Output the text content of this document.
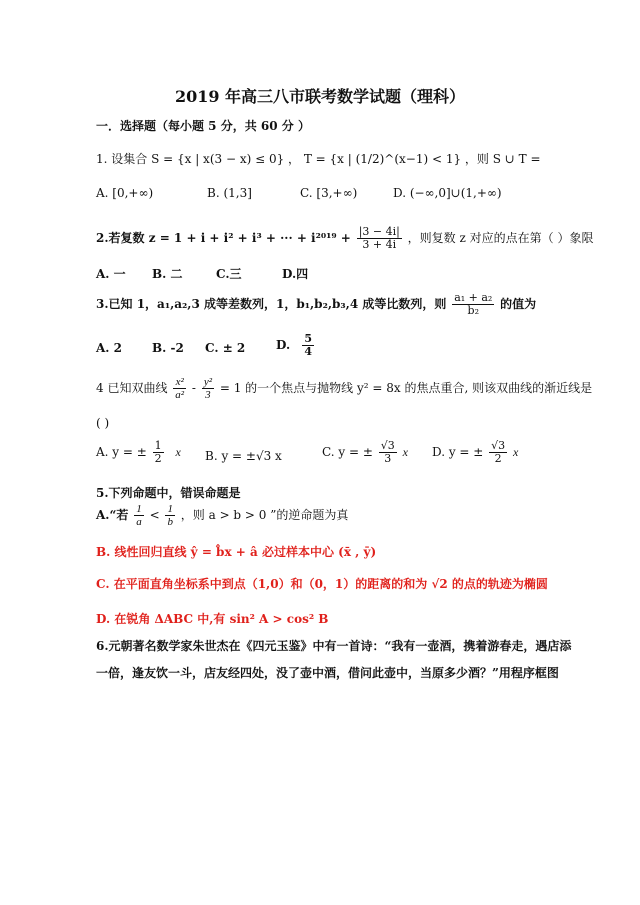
2019 年高三八市联考数学试题（理科）
一．选择题（每小题 5 分，共 60 分 ）
1. 设集合 S = {x | x(3 − x) ≤ 0} ， T = {x | (1/2)^(x−1) < 1} ，则 S ∪ T =
A. [0,+∞)	B. (1,3]	C. [3,+∞)	D. (−∞,0]∪(1,+∞)
2.若复数 z = 1 + i + i² + i³ + ··· + $i^{2019} + \frac{|3 - 4i|}{3 + 4i}$ ，则复数 z 对应的点在第（ ）象限
A. 一 B. 二	C.三	D.四
3.已知 1，a₁,a₂,3 成等差数列，1，b₁,b₂,b₃,4 成等比数列，则 $\frac{\text{a₁ + a₂}}{\text{b₂}}$ 的值为
A. 2 B. -2 C. ± 2	D. $\frac{5}{4}$
4 已知双曲线 $\frac{\text{x²}}{\text{a²}} - \frac{\text{y²}}{3} = 1$ 的一个焦点与抛物线 y² = 8x 的焦点重合, 则该双曲线的渐近线是
( )
A. y = ± $\frac{1}{2}$ x B. y = ±√3 x	C. y = ± $\frac{√3}{3}$ x D. y = ± $\frac{√3}{2}$ x
5.下列命题中，错误命题是
A.“若 $\frac{1}{a} < \frac{1}{b}$ ，则 a > b > 0 ”的逆命题为真
B. 线性回归直线 ŷ = b̂x + â 必过样本中心 (x̄ , ȳ)
C. 在平面直角坐标系中到点（1,0）和（0，1）的距离的和为 √2 的点的轨迹为椭圆
D. 在锐角 ΔABC 中,有 sin² A > cos² B
6.元朝著名数学家朱世杰在《四元玉鉴》中有一首诗：“我有一壶酒，携着游春走，遇店添
一倍，逢友饮一斗，店友经四处，没了壶中酒，借问此壶中，当原多少酒？”用程序框图
